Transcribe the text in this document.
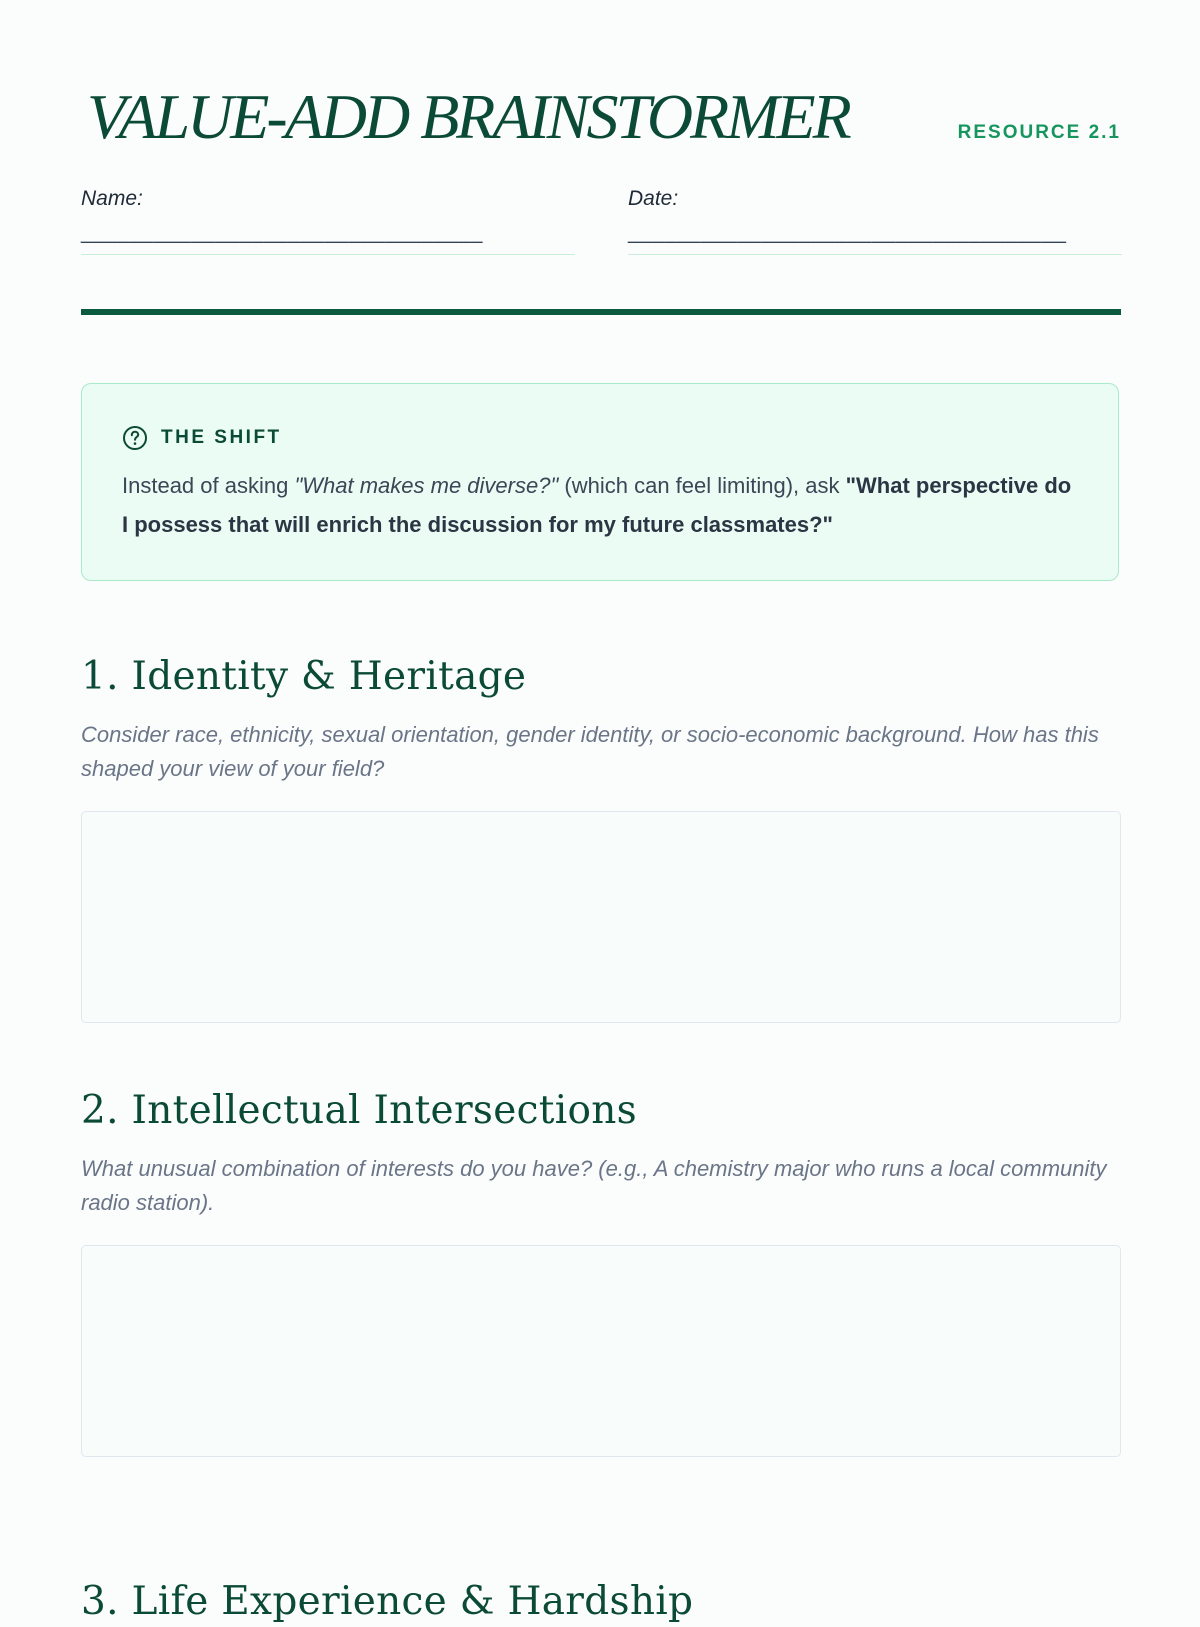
VALUE-ADD BRAINSTORMER	RESOURCE 2.1
Name:
_________________________________
Date: ____________________________________
THE SHIFT
Instead of asking "What makes me diverse?" (which can feel limiting), ask "What perspective do I possess that will enrich the discussion for my future classmates?"
1. Identity & Heritage
Consider race, ethnicity, sexual orientation, gender identity, or socio-economic background. How has this shaped your view of your field?
2. Intellectual Intersections
What unusual combination of interests do you have? (e.g., A chemistry major who runs a local community radio station).
3. Life Experience & Hardship
